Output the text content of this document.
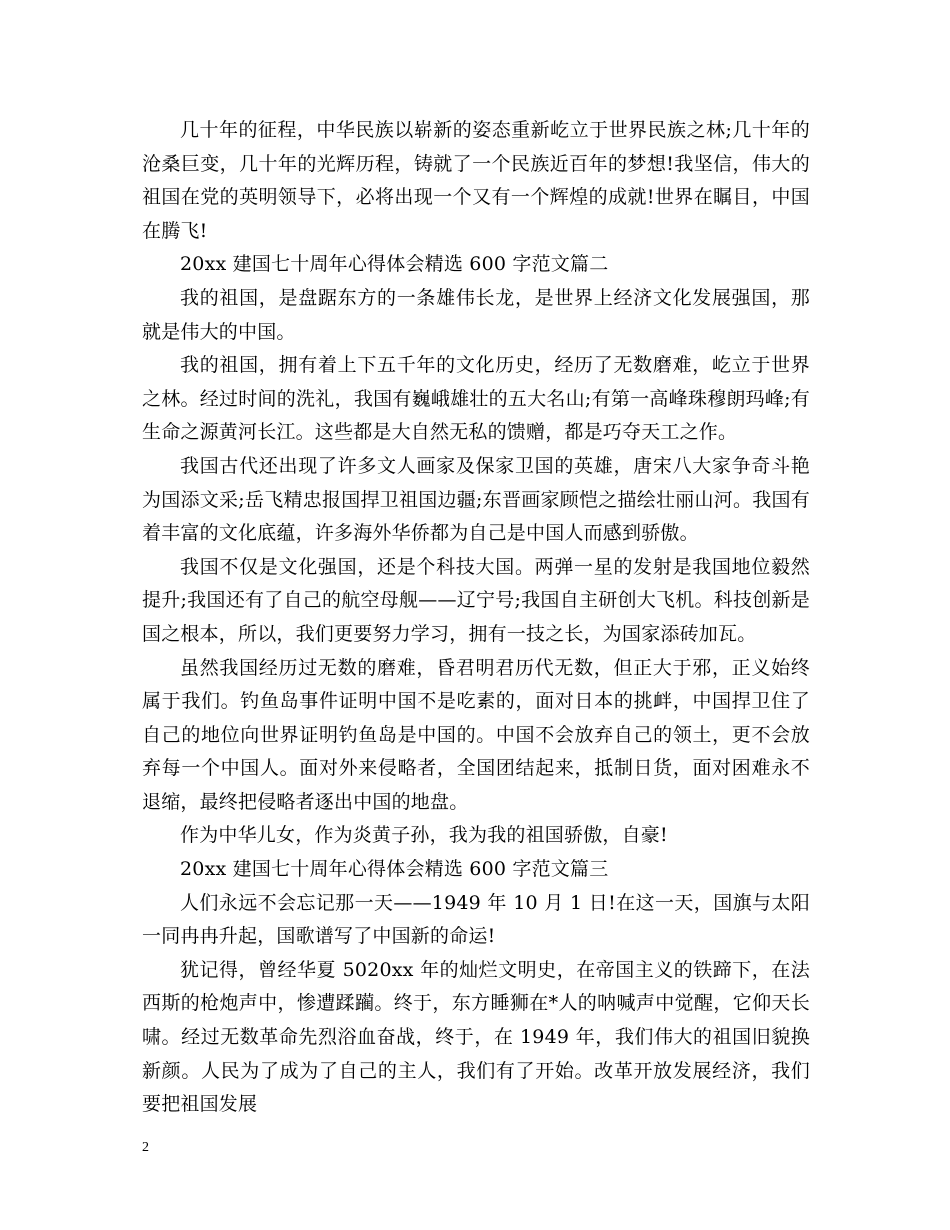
几十年的征程，中华民族以崭新的姿态重新屹立于世界民族之林;几十年的沧桑巨变，几十年的光辉历程，铸就了一个民族近百年的梦想!我坚信，伟大的祖国在党的英明领导下，必将出现一个又有一个辉煌的成就!世界在瞩目，中国在腾飞!

20xx 建国七十周年心得体会精选 600 字范文篇二

我的祖国，是盘踞东方的一条雄伟长龙，是世界上经济文化发展强国，那就是伟大的中国。

我的祖国，拥有着上下五千年的文化历史，经历了无数磨难，屹立于世界之林。经过时间的洗礼，我国有巍峨雄壮的五大名山;有第一高峰珠穆朗玛峰;有生命之源黄河长江。这些都是大自然无私的馈赠，都是巧夺天工之作。

我国古代还出现了许多文人画家及保家卫国的英雄，唐宋八大家争奇斗艳为国添文采;岳飞精忠报国捍卫祖国边疆;东晋画家顾恺之描绘壮丽山河。我国有着丰富的文化底蕴，许多海外华侨都为自己是中国人而感到骄傲。

我国不仅是文化强国，还是个科技大国。两弹一星的发射是我国地位毅然提升;我国还有了自己的航空母舰——辽宁号;我国自主研创大飞机。科技创新是国之根本，所以，我们更要努力学习，拥有一技之长，为国家添砖加瓦。

虽然我国经历过无数的磨难，昏君明君历代无数，但正大于邪，正义始终属于我们。钓鱼岛事件证明中国不是吃素的，面对日本的挑衅，中国捍卫住了自己的地位向世界证明钓鱼岛是中国的。中国不会放弃自己的领土，更不会放弃每一个中国人。面对外来侵略者，全国团结起来，抵制日货，面对困难永不退缩，最终把侵略者逐出中国的地盘。

作为中华儿女，作为炎黄子孙，我为我的祖国骄傲，自豪!

20xx 建国七十周年心得体会精选 600 字范文篇三

人们永远不会忘记那一天——1949 年 10 月 1 日!在这一天，国旗与太阳一同冉冉升起，国歌谱写了中国新的命运!

犹记得，曾经华夏 5020xx 年的灿烂文明史，在帝国主义的铁蹄下，在法西斯的枪炮声中，惨遭蹂躏。终于，东方睡狮在*人的呐喊声中觉醒，它仰天长啸。经过无数革命先烈浴血奋战，终于，在 1949 年，我们伟大的祖国旧貌换新颜。人民为了成为了自己的主人，我们有了开始。改革开放发展经济，我们要把祖国发展

2
